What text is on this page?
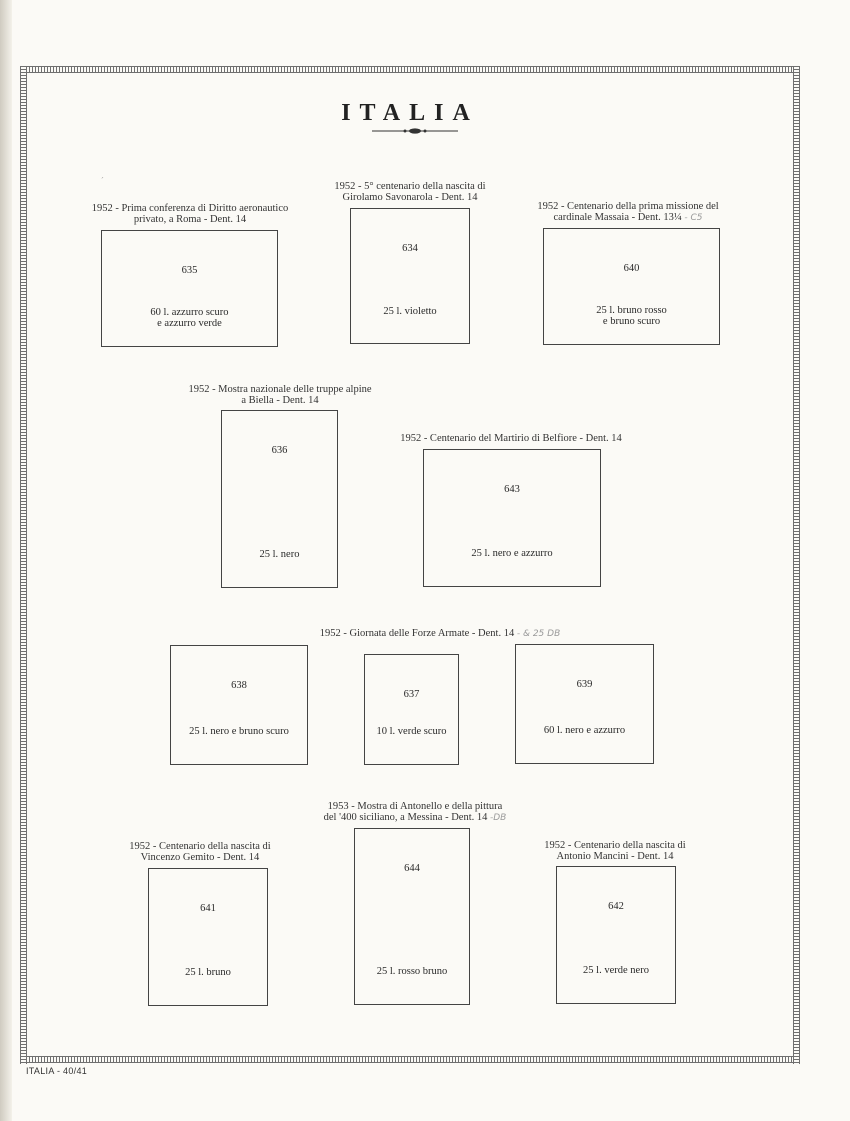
ITALIA
´
1952 - Prima conferenza di Diritto aeronautico
privato, a Roma - Dent. 14
635
60 l. azzurro scuro
e azzurro verde
1952 - 5° centenario della nascita di
Girolamo Savonarola - Dent. 14
634
25 l. violetto
1952 - Centenario della prima missione del
cardinale Massaia - Dent. 13¼ - C5
640
25 l. bruno rosso
e bruno scuro
1952 - Mostra nazionale delle truppe alpine
a Biella - Dent. 14
636
25 l. nero
1952 - Centenario del Martirio di Belfiore - Dent. 14
643
25 l. nero e azzurro
1952 - Giornata delle Forze Armate - Dent. 14 - & 25 DB
638
25 l. nero e bruno scuro
637
10 l. verde scuro
639
60 l. nero e azzurro
1953 - Mostra di Antonello e della pittura
del '400 siciliano, a Messina - Dent. 14 -DB
644
25 l. rosso bruno
1952 - Centenario della nascita di
Vincenzo Gemito - Dent. 14
641
25 l. bruno
1952 - Centenario della nascita di
Antonio Mancini - Dent. 14
642
25 l. verde nero
ITALIA - 40/41
